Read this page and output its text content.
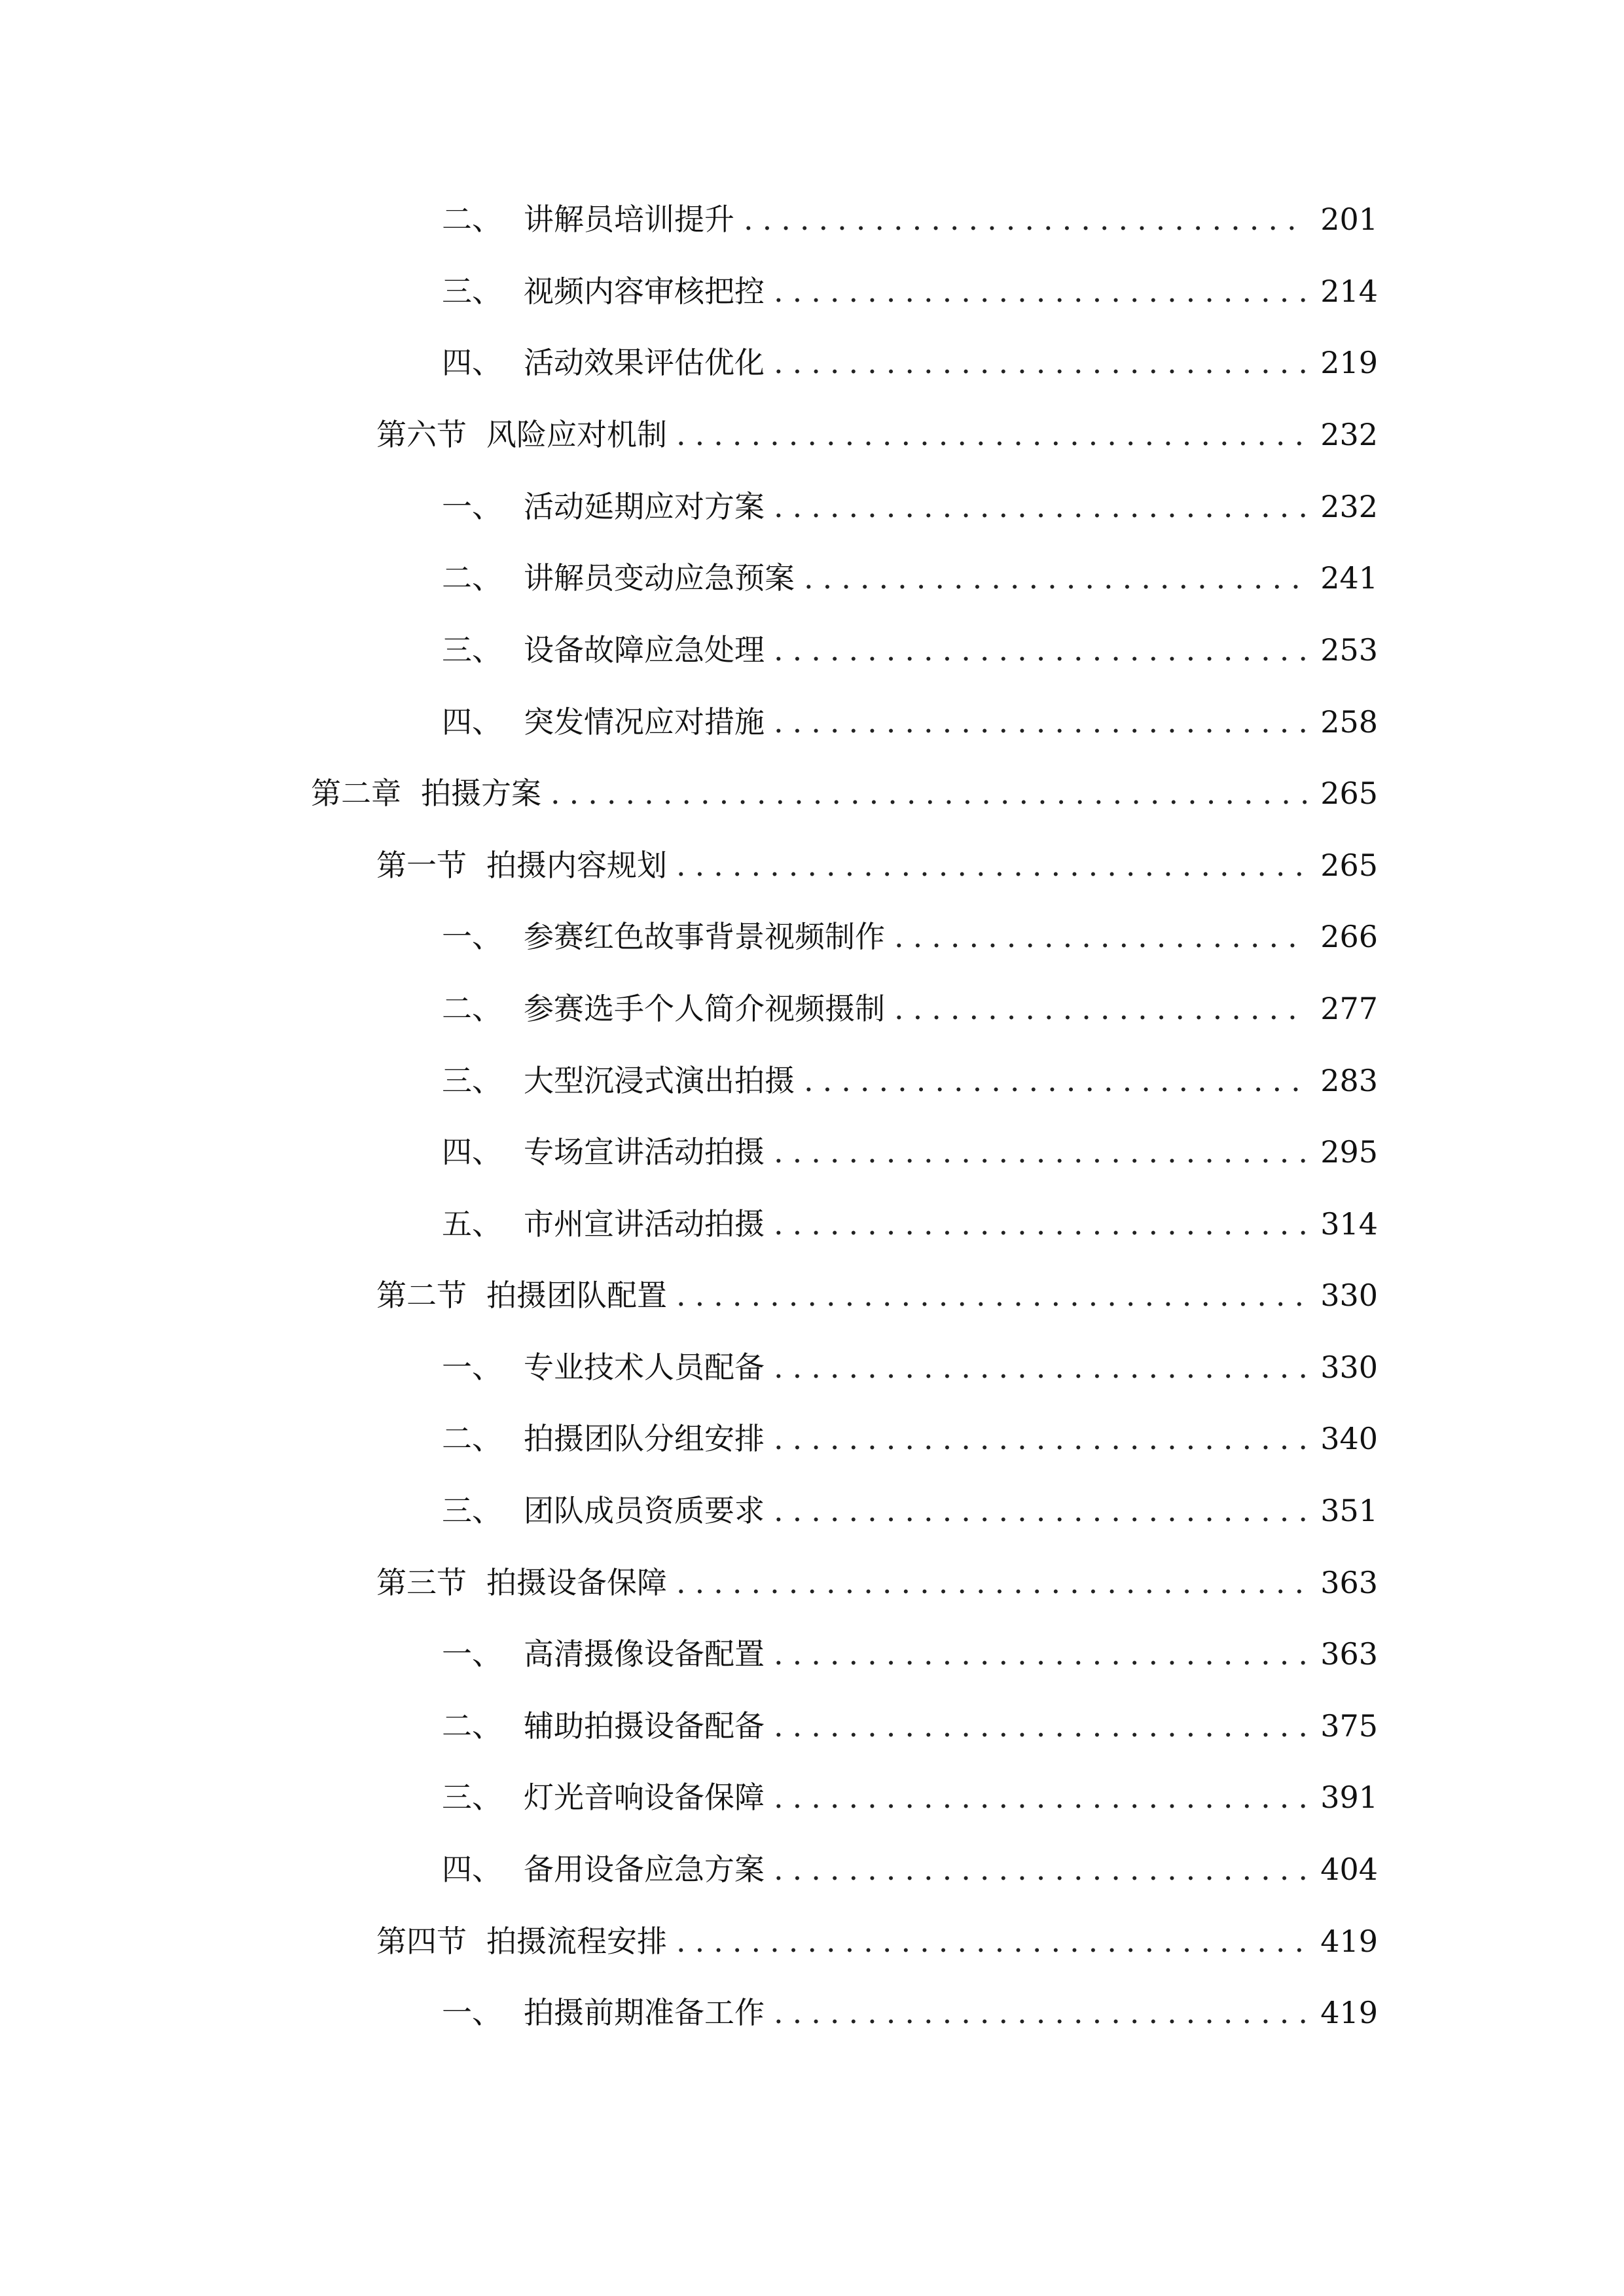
二、 讲解员培训提升 .....	201
三、 视频内容审核把控 .....	214
四、 活动效果评估优化 .....	219
第六节 风险应对机制 .....	232
一、 活动延期应对方案 .....	232
二、 讲解员变动应急预案 .....	241
三、 设备故障应急处理 .....	253
四、 突发情况应对措施 .....	258
第二章 拍摄方案 .....	265
第一节 拍摄内容规划 .....	265
一、 参赛红色故事背景视频制作 .....	266
二、 参赛选手个人简介视频摄制 .....	277
三、 大型沉浸式演出拍摄 .....	283
四、 专场宣讲活动拍摄 .....	295
五、 市州宣讲活动拍摄 .....	314
第二节 拍摄团队配置 .....	330
一、 专业技术人员配备 .....	330
二、 拍摄团队分组安排 .....	340
三、 团队成员资质要求 .....	351
第三节 拍摄设备保障 .....	363
一、 高清摄像设备配置 .....	363
二、 辅助拍摄设备配备 .....	375
三、 灯光音响设备保障 .....	391
四、 备用设备应急方案 .....	404
第四节 拍摄流程安排 .....	419
一、 拍摄前期准备工作 .....	419
